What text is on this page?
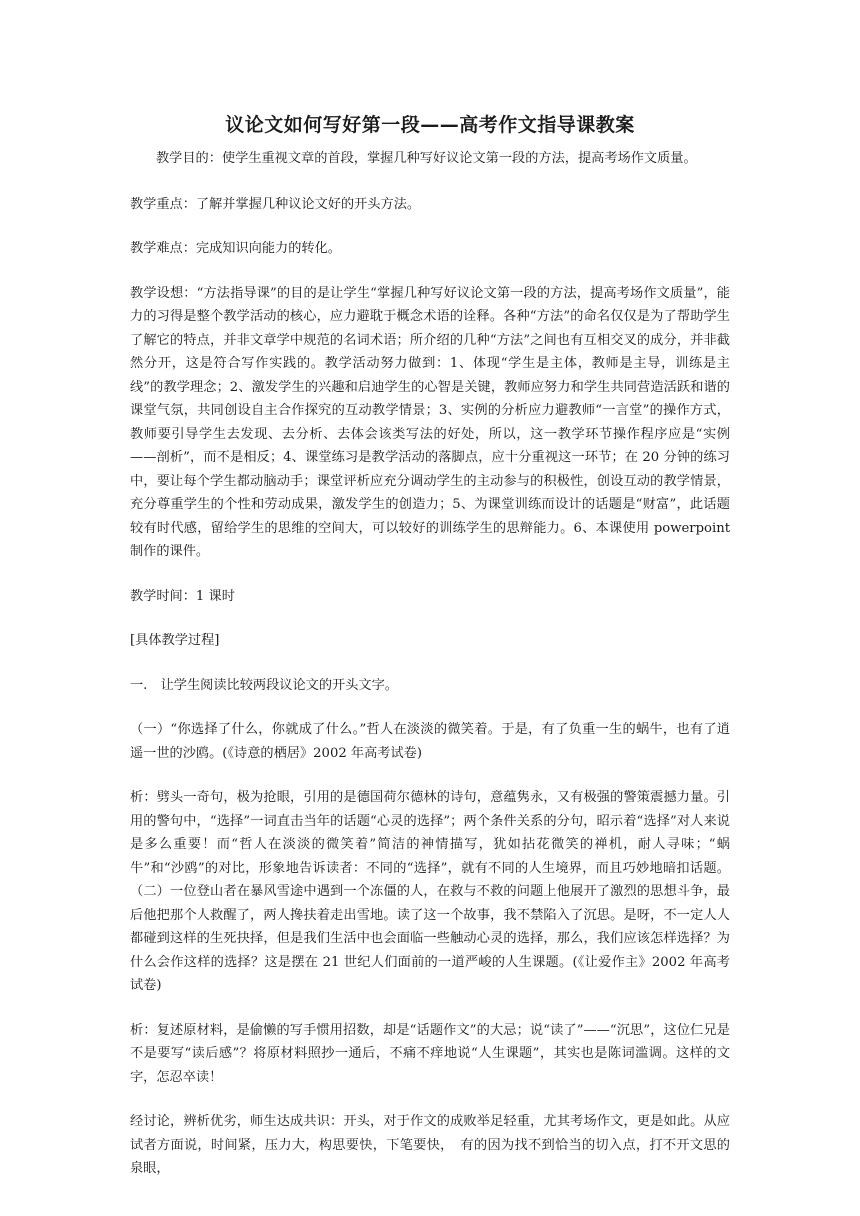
议论文如何写好第一段——高考作文指导课教案

教学目的：使学生重视文章的首段，掌握几种写好议论文第一段的方法，提高考场作文质量。

教学重点：了解并掌握几种议论文好的开头方法。

教学难点：完成知识向能力的转化。

教学设想：“方法指导课”的目的是让学生“掌握几种写好议论文第一段的方法，提高考场作文质量”，能力的习得是整个教学活动的核心，应力避耽于概念术语的诠释。各种“方法”的命名仅仅是为了帮助学生了解它的特点，并非文章学中规范的名词术语；所介绍的几种“方法”之间也有互相交叉的成分，并非截然分开，这是符合写作实践的。教学活动努力做到：1、体现“学生是主体，教师是主导，训练是主线”的教学理念；2、激发学生的兴趣和启迪学生的心智是关键，教师应努力和学生共同营造活跃和谐的课堂气氛，共同创设自主合作探究的互动教学情景；3、实例的分析应力避教师“一言堂”的操作方式，教师要引导学生去发现、去分析、去体会该类写法的好处，所以，这一教学环节操作程序应是“实例——剖析”，而不是相反；4、课堂练习是教学活动的落脚点，应十分重视这一环节；在 20 分钟的练习中，要让每个学生都动脑动手；课堂评析应充分调动学生的主动参与的积极性，创设互动的教学情景，充分尊重学生的个性和劳动成果，激发学生的创造力；5、为课堂训练而设计的话题是“财富”，此话题较有时代感，留给学生的思维的空间大，可以较好的训练学生的思辩能力。6、本课使用 powerpoint 制作的课件。

教学时间：1 课时

[具体教学过程]

一.　让学生阅读比较两段议论文的开头文字。

（一）“你选择了什么，你就成了什么。”哲人在淡淡的微笑着。于是，有了负重一生的蜗牛，也有了逍遥一世的沙鸥。(《诗意的栖居》2002 年高考试卷)

析：劈头一奇句，极为抢眼，引用的是德国荷尔德林的诗句，意蕴隽永，又有极强的警策震撼力量。引用的警句中，“选择”一词直击当年的话题“心灵的选择”；两个条件关系的分句，昭示着“选择”对人来说是多么重要！而“哲人在淡淡的微笑着”简洁的神情描写，犹如拈花微笑的禅机，耐人寻味；“蜗牛”和“沙鸥”的对比，形象地告诉读者：不同的“选择”，就有不同的人生境界，而且巧妙地暗扣话题。（二）一位登山者在暴风雪途中遇到一个冻僵的人，在救与不救的问题上他展开了激烈的思想斗争，最后他把那个人救醒了，两人搀扶着走出雪地。读了这一个故事，我不禁陷入了沉思。是呀，不一定人人都碰到这样的生死抉择，但是我们生活中也会面临一些触动心灵的选择，那么，我们应该怎样选择？为什么会作这样的选择？这是摆在 21 世纪人们面前的一道严峻的人生课题。(《让爱作主》2002 年高考试卷)

析：复述原材料，是偷懒的写手惯用招数，却是“话题作文”的大忌；说“读了”——“沉思”，这位仁兄是不是要写“读后感”？将原材料照抄一通后，不痛不痒地说“人生课题”，其实也是陈词滥调。这样的文字，怎忍卒读！

经讨论，辨析优劣，师生达成共识：开头，对于作文的成败举足轻重，尤其考场作文，更是如此。从应试者方面说，时间紧，压力大，构思要快，下笔要快，　有的因为找不到恰当的切入点，打不开文思的泉眼，
